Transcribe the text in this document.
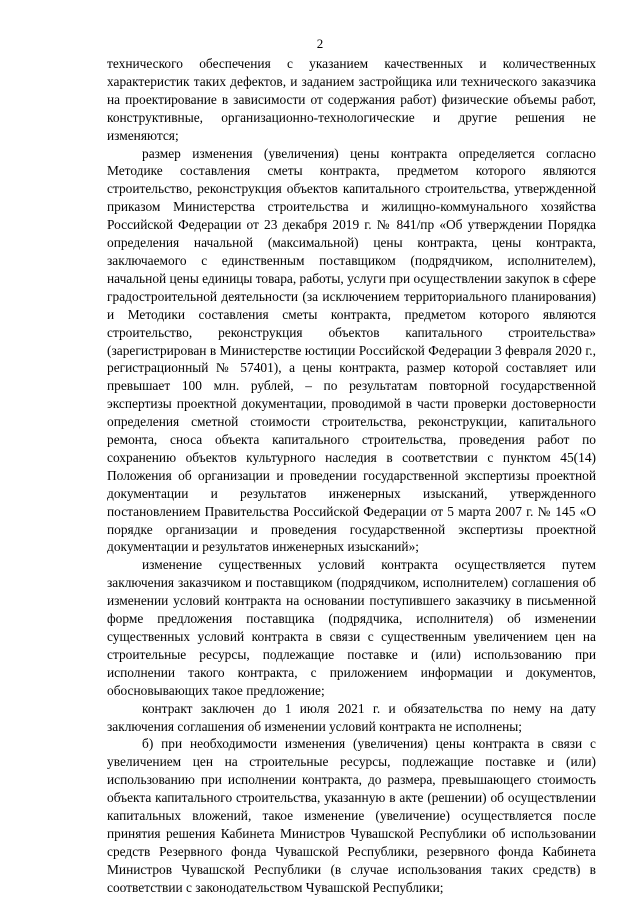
2

технического обеспечения с указанием качественных и количественных характеристик таких дефектов, и заданием застройщика или технического заказчика на проектирование в зависимости от содержания работ) физические объемы работ, конструктивные, организационно-технологические и другие решения не изменяются;

размер изменения (увеличения) цены контракта определяется согласно Методике составления сметы контракта, предметом которого являются строительство, реконструкция объектов капитального строительства, утвержденной приказом Министерства строительства и жилищно-коммунального хозяйства Российской Федерации от 23 декабря 2019 г. № 841/пр «Об утверждении Порядка определения начальной (максимальной) цены контракта, цены контракта, заключаемого с единственным поставщиком (подрядчиком, исполнителем), начальной цены единицы товара, работы, услуги при осуществлении закупок в сфере градостроительной деятельности (за исключением территориального планирования) и Методики составления сметы контракта, предметом которого являются строительство, реконструкция объектов капитального строительства» (зарегистрирован в Министерстве юстиции Российской Федерации 3 февраля 2020 г., регистрационный № 57401), а цены контракта, размер которой составляет или превышает 100 млн. рублей, – по результатам повторной государственной экспертизы проектной документации, проводимой в части проверки достоверности определения сметной стоимости строительства, реконструкции, капитального ремонта, сноса объекта капитального строительства, проведения работ по сохранению объектов культурного наследия в соответствии с пунктом 45(14) Положения об организации и проведении государственной экспертизы проектной документации и результатов инженерных изысканий, утвержденного постановлением Правительства Российской Федерации от 5 марта 2007 г. № 145 «О порядке организации и проведения государственной экспертизы проектной документации и результатов инженерных изысканий»;

изменение существенных условий контракта осуществляется путем заключения заказчиком и поставщиком (подрядчиком, исполнителем) соглашения об изменении условий контракта на основании поступившего заказчику в письменной форме предложения поставщика (подрядчика, исполнителя) об изменении существенных условий контракта в связи с существенным увеличением цен на строительные ресурсы, подлежащие поставке и (или) использованию при исполнении такого контракта, с приложением информации и документов, обосновывающих такое предложение;

контракт заключен до 1 июля 2021 г. и обязательства по нему на дату заключения соглашения об изменении условий контракта не исполнены;

б) при необходимости изменения (увеличения) цены контракта в связи с увеличением цен на строительные ресурсы, подлежащие поставке и (или) использованию при исполнении контракта, до размера, превышающего стоимость объекта капитального строительства, указанную в акте (решении) об осуществлении капитальных вложений, такое изменение (увеличение) осуществляется после принятия решения Кабинета Министров Чувашской Республики об использовании средств Резервного фонда Чувашской Республики, резервного фонда Кабинета Министров Чувашской Республики (в случае использования таких средств) в соответствии с законодательством Чувашской Республики;
